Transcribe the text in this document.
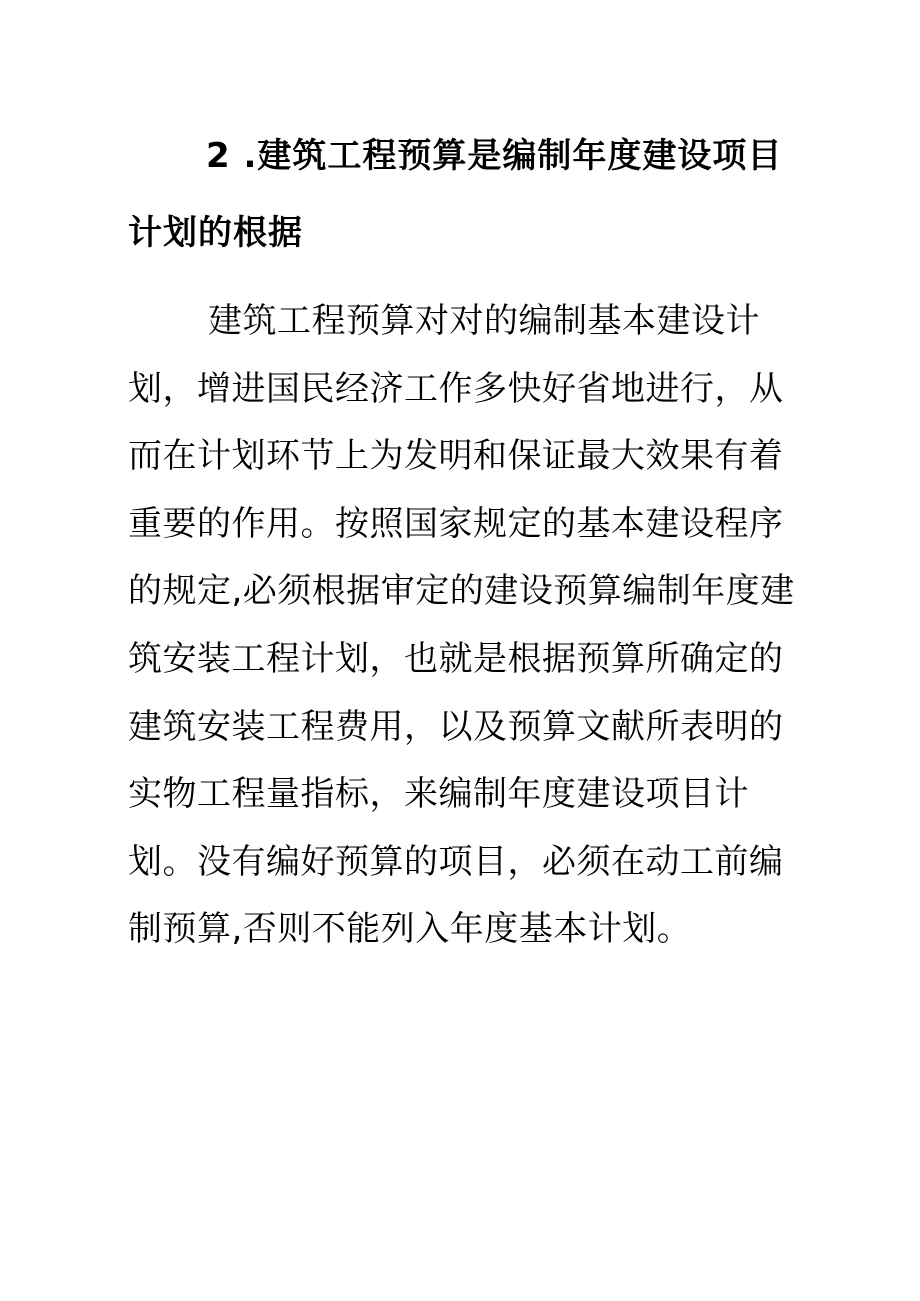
2 .建筑工程预算是编制年度建设项目计划的根据

建筑工程预算对对的编制基本建设计划，增进国民经济工作多快好省地进行，从而在计划环节上为发明和保证最大效果有着重要的作用。按照国家规定的基本建设程序的规定,必须根据审定的建设预算编制年度建筑安装工程计划，也就是根据预算所确定的建筑安装工程费用，以及预算文献所表明的实物工程量指标，来编制年度建设项目计划。没有编好预算的项目，必须在动工前编制预算,否则不能列入年度基本计划。
